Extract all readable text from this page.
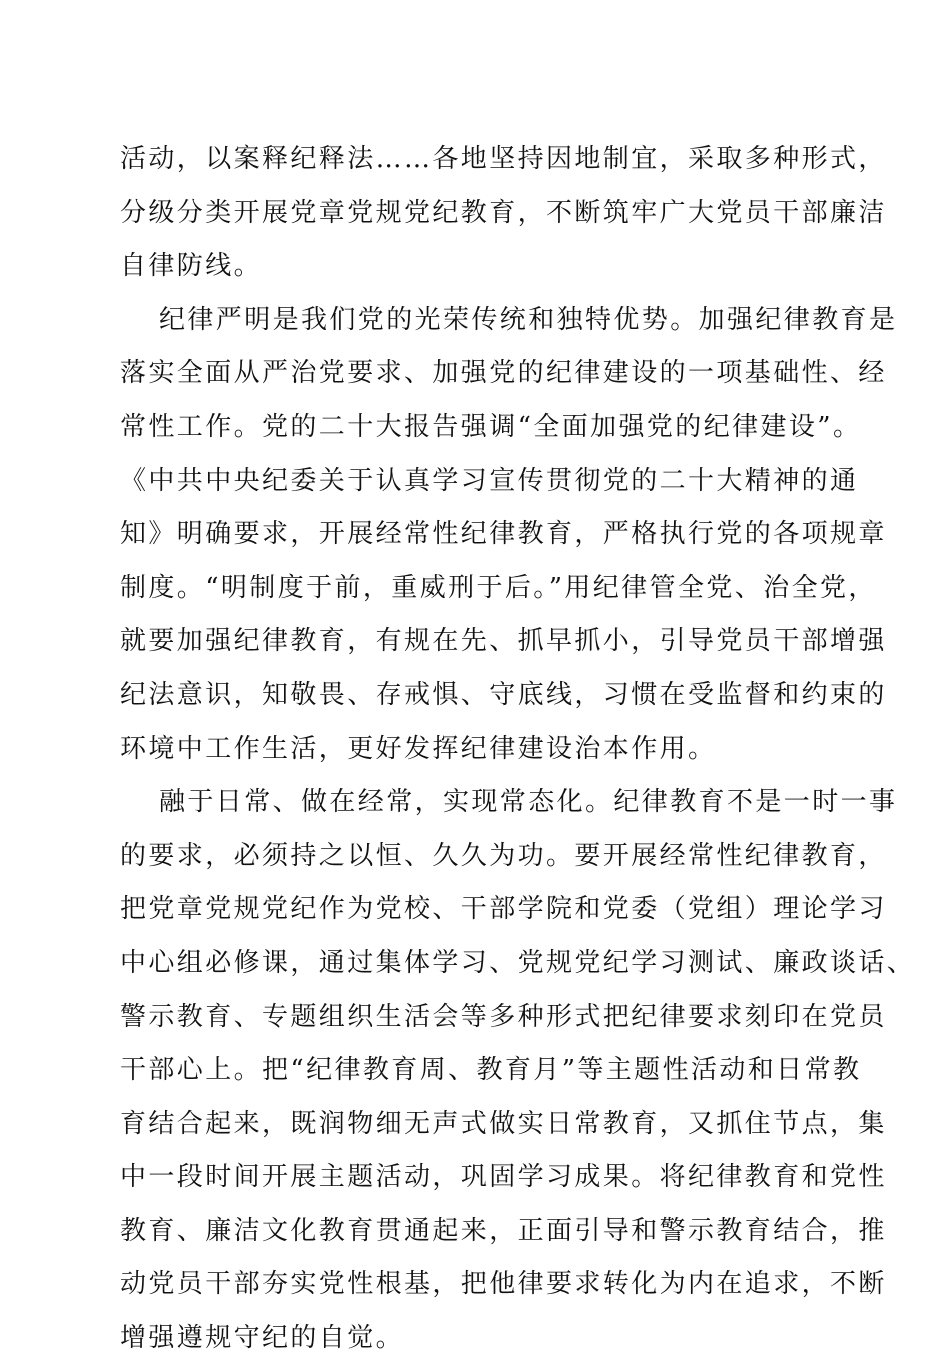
活动，以案释纪释法……各地坚持因地制宜，采取多种形式，
分级分类开展党章党规党纪教育，不断筑牢广大党员干部廉洁
自律防线。
纪律严明是我们党的光荣传统和独特优势。加强纪律教育是
落实全面从严治党要求、加强党的纪律建设的一项基础性、经
常性工作。党的二十大报告强调“全面加强党的纪律建设”。
《中共中央纪委关于认真学习宣传贯彻党的二十大精神的通
知》明确要求，开展经常性纪律教育，严格执行党的各项规章
制度。“明制度于前，重威刑于后。”用纪律管全党、治全党，
就要加强纪律教育，有规在先、抓早抓小，引导党员干部增强
纪法意识，知敬畏、存戒惧、守底线，习惯在受监督和约束的
环境中工作生活，更好发挥纪律建设治本作用。
融于日常、做在经常，实现常态化。纪律教育不是一时一事
的要求，必须持之以恒、久久为功。要开展经常性纪律教育，
把党章党规党纪作为党校、干部学院和党委（党组）理论学习
中心组必修课，通过集体学习、党规党纪学习测试、廉政谈话、
警示教育、专题组织生活会等多种形式把纪律要求刻印在党员
干部心上。把“纪律教育周、教育月”等主题性活动和日常教
育结合起来，既润物细无声式做实日常教育，又抓住节点，集
中一段时间开展主题活动，巩固学习成果。将纪律教育和党性
教育、廉洁文化教育贯通起来，正面引导和警示教育结合，推
动党员干部夯实党性根基，把他律要求转化为内在追求，不断
增强遵规守纪的自觉。
